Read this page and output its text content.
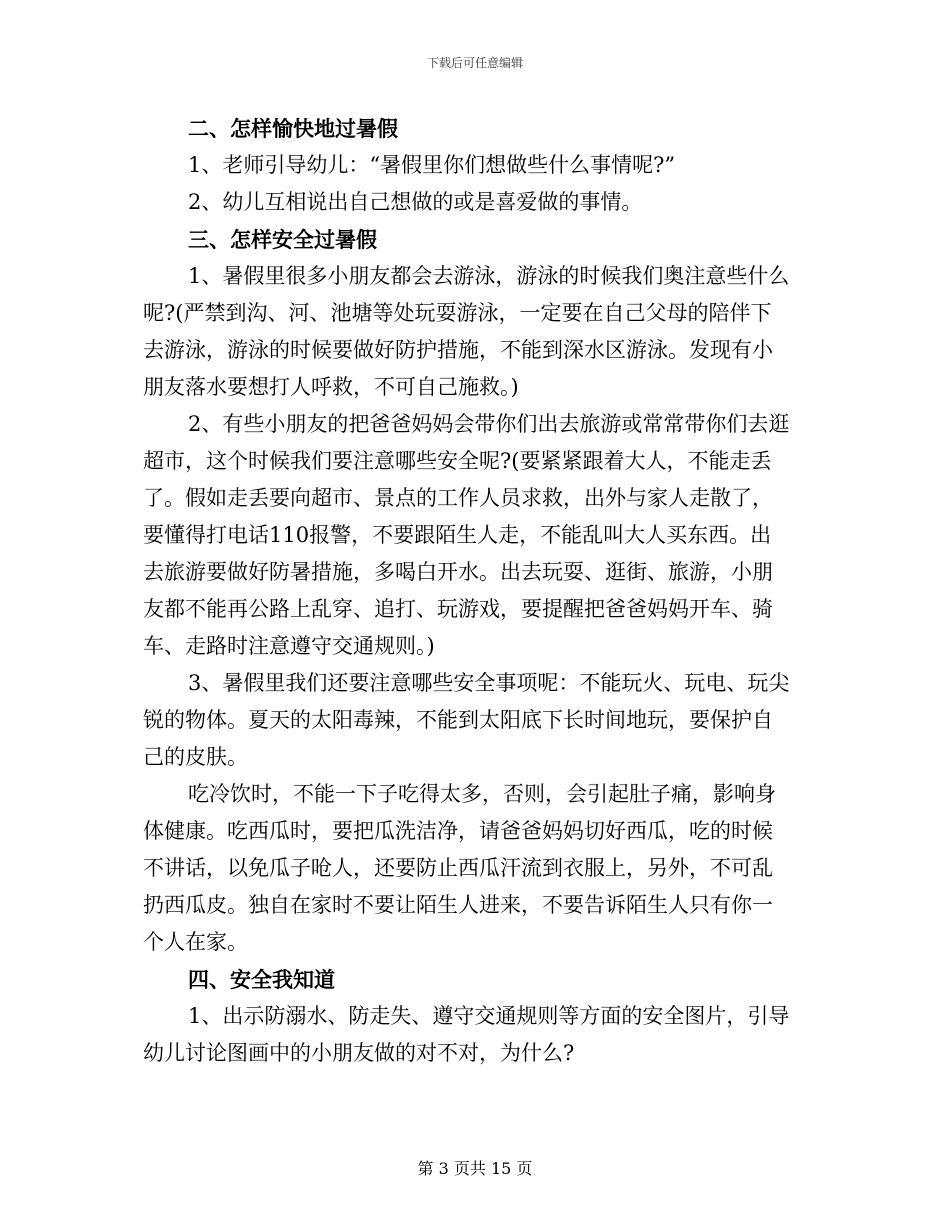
下载后可任意编辑
二、怎样愉快地过暑假
1、老师引导幼儿：“暑假里你们想做些什么事情呢?”
2、幼儿互相说出自己想做的或是喜爱做的事情。
三、怎样安全过暑假
1、暑假里很多小朋友都会去游泳，游泳的时候我们奥注意些什么
呢?(严禁到沟、河、池塘等处玩耍游泳，一定要在自己父母的陪伴下
去游泳，游泳的时候要做好防护措施，不能到深水区游泳。发现有小
朋友落水要想打人呼救，不可自己施救。)
2、有些小朋友的把爸爸妈妈会带你们出去旅游或常常带你们去逛
超市，这个时候我们要注意哪些安全呢?(要紧紧跟着大人，不能走丢
了。假如走丢要向超市、景点的工作人员求救，出外与家人走散了，
要懂得打电话110报警，不要跟陌生人走，不能乱叫大人买东西。出
去旅游要做好防暑措施，多喝白开水。出去玩耍、逛街、旅游，小朋
友都不能再公路上乱穿、追打、玩游戏，要提醒把爸爸妈妈开车、骑
车、走路时注意遵守交通规则。)
3、暑假里我们还要注意哪些安全事项呢：不能玩火、玩电、玩尖
锐的物体。夏天的太阳毒辣，不能到太阳底下长时间地玩，要保护自
己的皮肤。
吃冷饮时，不能一下子吃得太多，否则，会引起肚子痛，影响身
体健康。吃西瓜时，要把瓜洗洁净，请爸爸妈妈切好西瓜，吃的时候
不讲话，以免瓜子呛人，还要防止西瓜汗流到衣服上，另外，不可乱
扔西瓜皮。独自在家时不要让陌生人进来，不要告诉陌生人只有你一
个人在家。
四、安全我知道
1、出示防溺水、防走失、遵守交通规则等方面的安全图片，引导
幼儿讨论图画中的小朋友做的对不对，为什么?
第 3 页共 15 页
